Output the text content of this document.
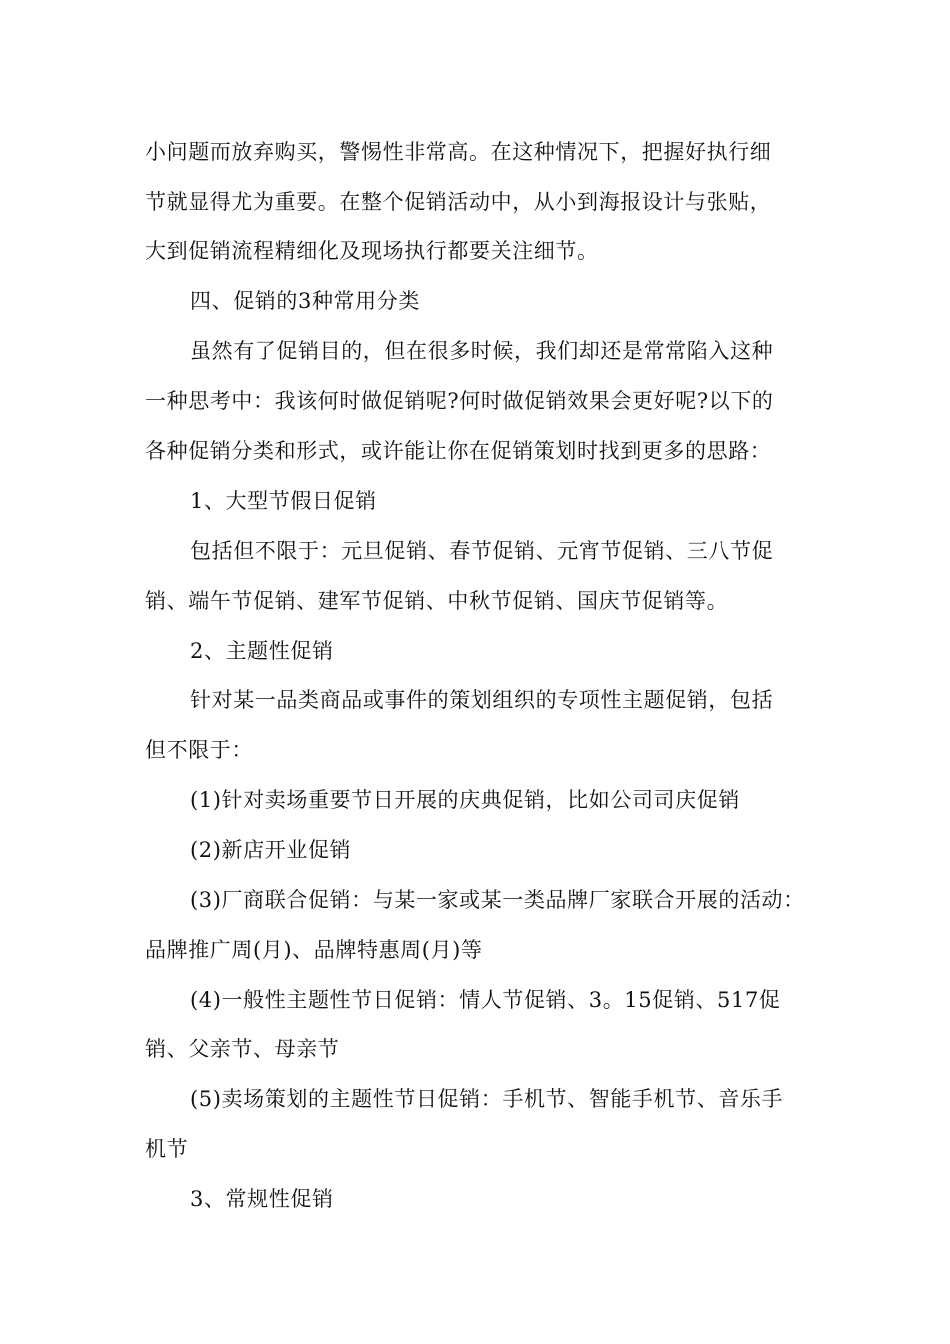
小问题而放弃购买，警惕性非常高。在这种情况下，把握好执行细

节就显得尤为重要。在整个促销活动中，从小到海报设计与张贴，

大到促销流程精细化及现场执行都要关注细节。

四、促销的3种常用分类

虽然有了促销目的，但在很多时候，我们却还是常常陷入这种

一种思考中：我该何时做促销呢?何时做促销效果会更好呢?以下的

各种促销分类和形式，或许能让你在促销策划时找到更多的思路：

1、大型节假日促销

包括但不限于：元旦促销、春节促销、元宵节促销、三八节促

销、端午节促销、建军节促销、中秋节促销、国庆节促销等。

2、主题性促销

针对某一品类商品或事件的策划组织的专项性主题促销，包括

但不限于：

(1)针对卖场重要节日开展的庆典促销，比如公司司庆促销

(2)新店开业促销

(3)厂商联合促销：与某一家或某一类品牌厂家联合开展的活动：

品牌推广周(月)、品牌特惠周(月)等

(4)一般性主题性节日促销：情人节促销、3。15促销、517促

销、父亲节、母亲节

(5)卖场策划的主题性节日促销：手机节、智能手机节、音乐手

机节

3、常规性促销
